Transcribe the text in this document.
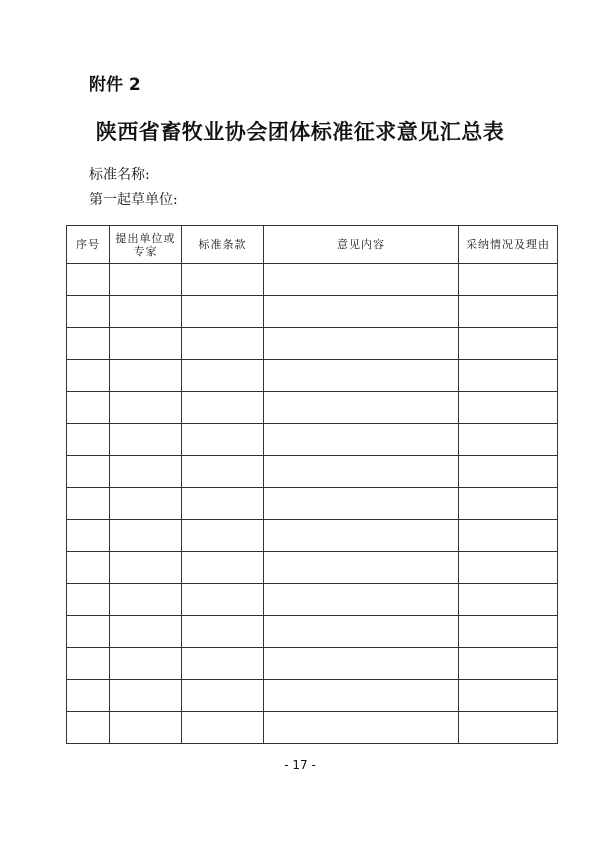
附件 2
陕西省畜牧业协会团体标准征求意见汇总表
标准名称:
第一起草单位:
序号	提出单位或专家	标准条款	意见内容	采纳情况及理由

- 17 -
